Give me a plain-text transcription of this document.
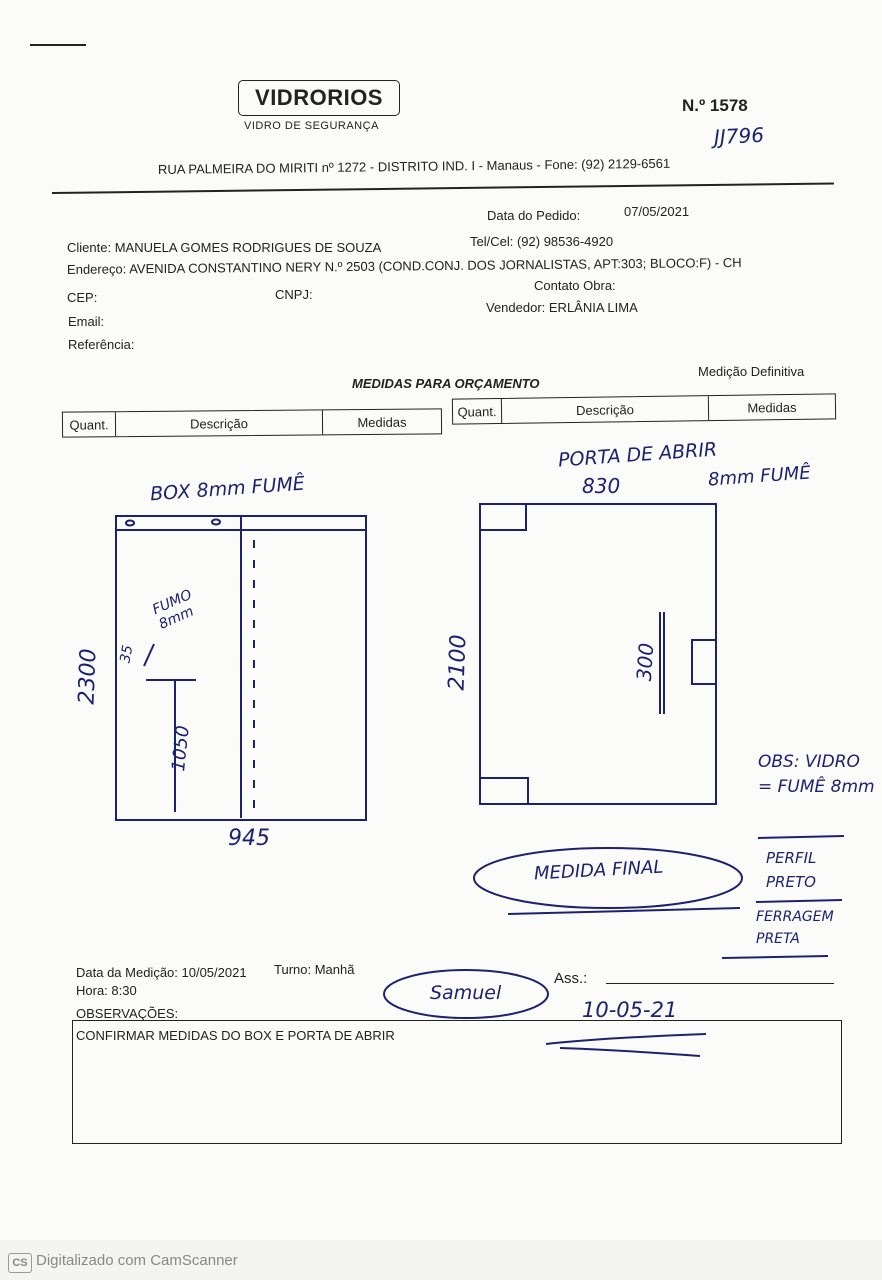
VIDRORIOS
VIDRO DE SEGURANÇA
N.º 1578
JJ796
RUA PALMEIRA DO MIRITI nº 1272 - DISTRITO IND. I - Manaus - Fone: (92) 2129-6561
Data do Pedido:	07/05/2021
Cliente: MANUELA GOMES RODRIGUES DE SOUZA	Tel/Cel: (92) 98536-4920
Endereço: AVENIDA CONSTANTINO NERY N.º 2503 (COND.CONJ. DOS JORNALISTAS, APT:303; BLOCO:F) - CH
CEP:	CNPJ:
Contato Obra:
Email:
Vendedor: ERLÂNIA LIMA
Referência:
MEDIDAS PARA ORÇAMENTO
Medição Definitiva
Quant.	Descrição	Medidas
Quant.	Descrição	Medidas
BOX 8mm FUMÊ
2300
945
1050
FUMO 8mm
35
PORTA DE ABRIR
830	8mm FUMÊ
2100	300
OBS: VIDRO = FUMÊ 8mm
PERFIL PRETO
FERRAGEM PRETA
MEDIDA FINAL
Data da Medição: 10/05/2021 Turno: Manhã
Hora: 8:30
OBSERVAÇÕES:
Ass.:
Samuel
10-05-21
CONFIRMAR MEDIDAS DO BOX E PORTA DE ABRIR
CS Digitalizado com CamScanner
